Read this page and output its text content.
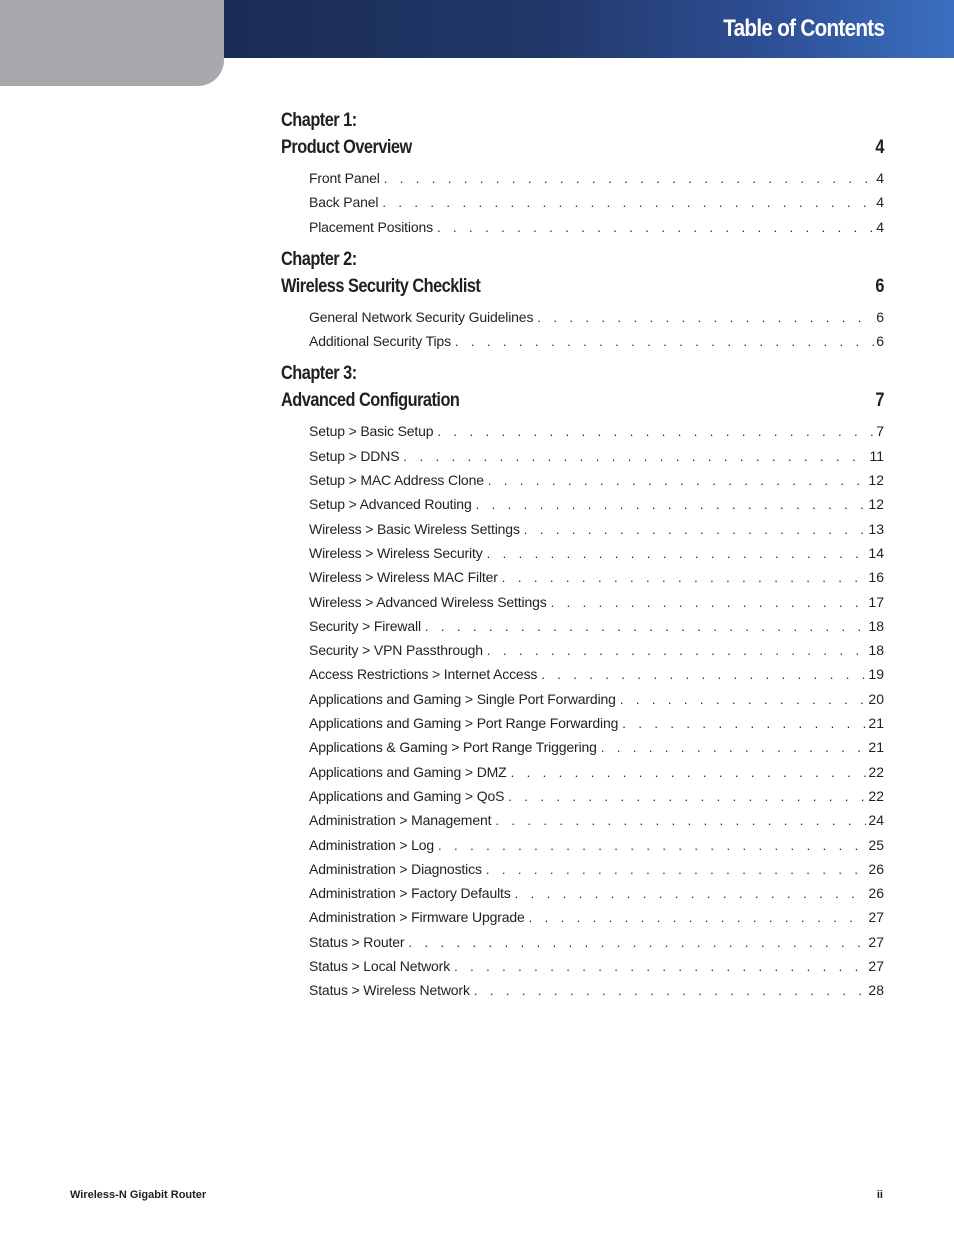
Table of Contents
Chapter 1:
Product Overview	4
Front Panel . . .	4
Back Panel . . .	4
Placement Positions . . .	4
Chapter 2:
Wireless Security Checklist	6
General Network Security Guidelines . . .	6
Additional Security Tips . . .	6
Chapter 3:
Advanced Configuration	7
Setup > Basic Setup . . .	7
Setup > DDNS . . .	11
Setup > MAC Address Clone . . .	12
Setup > Advanced Routing . . .	12
Wireless > Basic Wireless Settings . . .	13
Wireless > Wireless Security . . .	14
Wireless > Wireless MAC Filter . . .	16
Wireless > Advanced Wireless Settings . . .	17
Security > Firewall . . .	18
Security > VPN Passthrough . . .	18
Access Restrictions > Internet Access . . .	19
Applications and Gaming > Single Port Forwarding . . .	20
Applications and Gaming > Port Range Forwarding . . .	21
Applications & Gaming > Port Range Triggering . . .	21
Applications and Gaming > DMZ . . .	22
Applications and Gaming > QoS . . .	22
Administration > Management . . .	24
Administration > Log . . .	25
Administration > Diagnostics . . .	26
Administration > Factory Defaults . . .	26
Administration > Firmware Upgrade . . .	27
Status > Router . . .	27
Status > Local Network . . .	27
Status > Wireless Network . . .	28
Wireless-N Gigabit Router	ii
